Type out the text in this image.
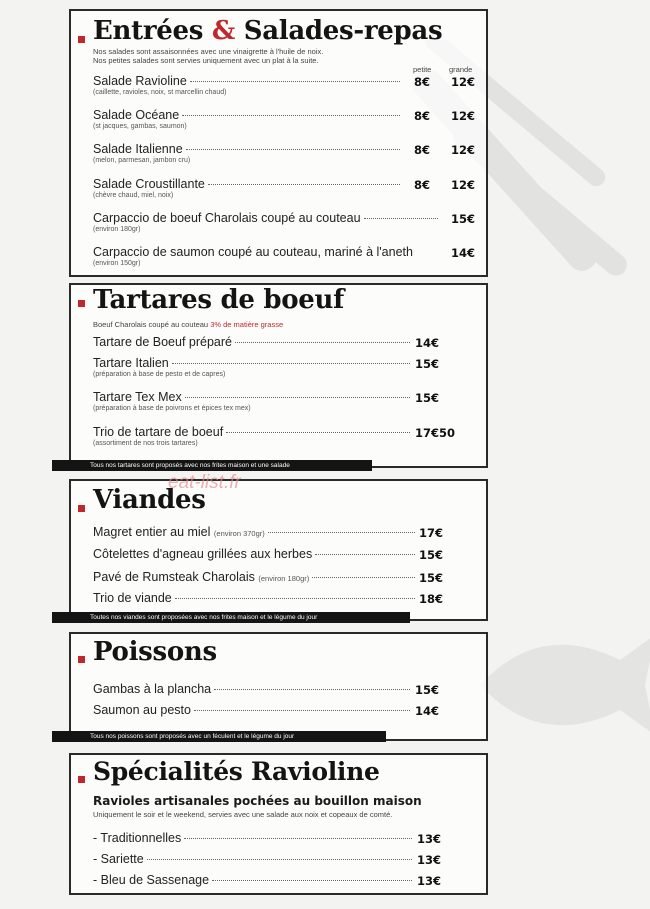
Entrées & Salades-repas
Nos salades sont assaisonnées avec une vinaigrette à l'huile de noix.
Nos petites salades sont servies uniquement avec un plat à la suite.
petite grande
Salade Ravioline
(caillette, ravioles, noix, st marcellin chaud)
8€ 12€
Salade Océane
(st jacques, gambas, saumon)
8€ 12€
Salade Italienne
(melon, parmesan, jambon cru)
8€ 12€
Salade Croustillante
(chèvre chaud, miel, noix)
8€ 12€
Carpaccio de boeuf Charolais coupé au couteau
(environ 180gr)
15€
Carpaccio de saumon coupé au couteau, mariné à l'aneth
(environ 150gr)
14€
Tartares de boeuf
Boeuf Charolais coupé au couteau 3% de matière grasse
Tartare de Boeuf préparé	14€
Tartare Italien
(préparation à base de pesto et de capres)
15€
Tartare Tex Mex
(préparation à base de poivrons et épices tex mex)
15€
Trio de tartare de boeuf
(assortiment de nos trois tartares)
17€50
Tous nos tartares sont proposés avec nos frites maison et une salade
Viandes
Magret entier au miel
(environ 370gr)	17€
Côtelettes d'agneau grillées aux herbes	15€
Pavé de Rumsteak Charolais
(environ 180gr)	15€
Trio de viande	18€
Toutes nos viandes sont proposées avec nos frites maison et le légume du jour
eat-list.fr
Poissons
Gambas à la plancha	15€
Saumon au pesto	14€
Tous nos poissons sont proposés avec un féculent et le légume du jour
Spécialités Ravioline
Ravioles artisanales pochées au bouillon maison
Uniquement le soir et le weekend, servies avec une salade aux noix et copeaux de comté.
- Traditionnelles	13€
- Sariette	13€
- Bleu de Sassenage	13€
